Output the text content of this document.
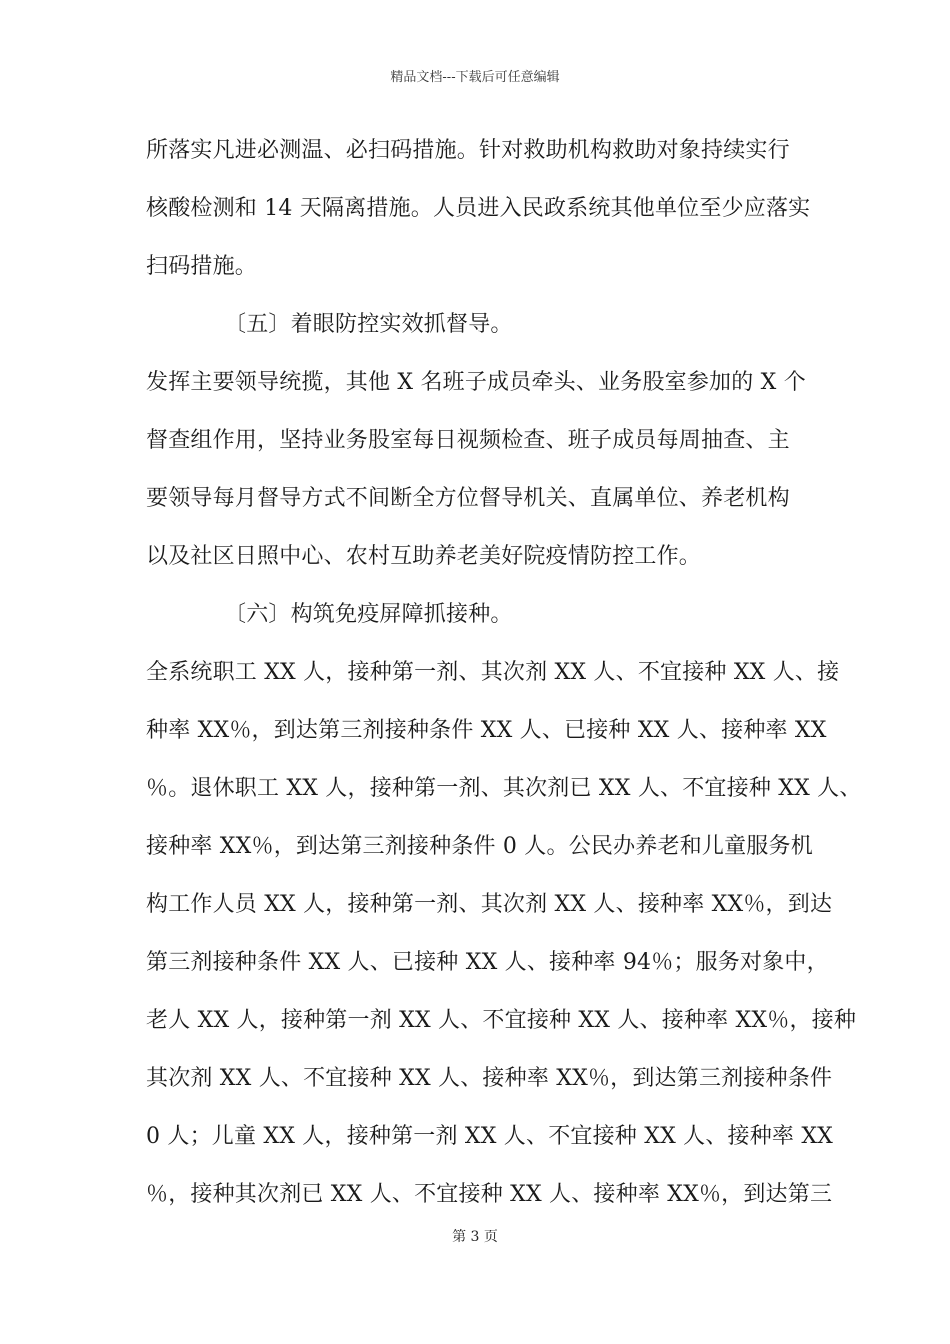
精品文档---下载后可任意编辑
所落实凡进必测温、必扫码措施。针对救助机构救助对象持续实行
核酸检测和 14 天隔离措施。人员进入民政系统其他单位至少应落实
扫码措施。
〔五〕着眼防控实效抓督导。
发挥主要领导统揽，其他 X 名班子成员牵头、业务股室参加的 X 个
督查组作用，坚持业务股室每日视频检查、班子成员每周抽查、主
要领导每月督导方式不间断全方位督导机关、直属单位、养老机构
以及社区日照中心、农村互助养老美好院疫情防控工作。
〔六〕构筑免疫屏障抓接种。
全系统职工 XX 人，接种第一剂、其次剂 XX 人、不宜接种 XX 人、接
种率 XX％，到达第三剂接种条件 XX 人、已接种 XX 人、接种率 XX
％。退休职工 XX 人，接种第一剂、其次剂已 XX 人、不宜接种 XX 人、
接种率 XX％，到达第三剂接种条件 0 人。公民办养老和儿童服务机
构工作人员 XX 人，接种第一剂、其次剂 XX 人、接种率 XX％，到达
第三剂接种条件 XX 人、已接种 XX 人、接种率 94％；服务对象中，
老人 XX 人，接种第一剂 XX 人、不宜接种 XX 人、接种率 XX％，接种
其次剂 XX 人、不宜接种 XX 人、接种率 XX％，到达第三剂接种条件
0 人；儿童 XX 人，接种第一剂 XX 人、不宜接种 XX 人、接种率 XX
％，接种其次剂已 XX 人、不宜接种 XX 人、接种率 XX％，到达第三
第 3 页
